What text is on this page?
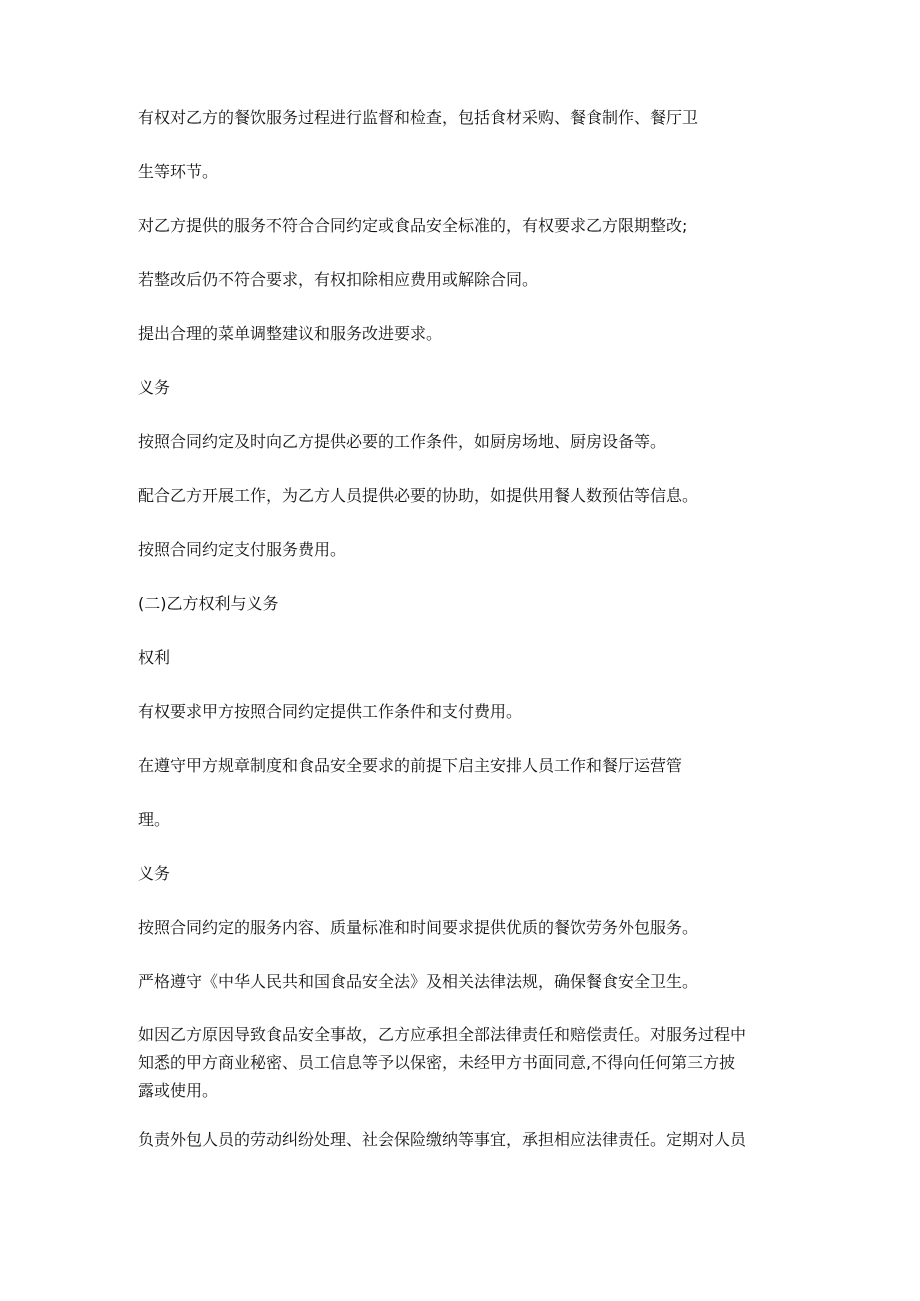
有权对乙方的餐饮服务过程进行监督和检查，包括食材采购、餐食制作、餐厅卫
生等环节。
对乙方提供的服务不符合合同约定或食品安全标准的，有权要求乙方限期整改;
若整改后仍不符合要求，有权扣除相应费用或解除合同。
提出合理的菜单调整建议和服务改进要求。
义务
按照合同约定及时向乙方提供必要的工作条件，如厨房场地、厨房设备等。
配合乙方开展工作，为乙方人员提供必要的协助，如提供用餐人数预估等信息。
按照合同约定支付服务费用。
(二)乙方权利与义务
权利
有权要求甲方按照合同约定提供工作条件和支付费用。
在遵守甲方规章制度和食品安全要求的前提下启主安排人员工作和餐厅运营管
理。
义务
按照合同约定的服务内容、质量标准和时间要求提供优质的餐饮劳务外包服务。
严格遵守《中华人民共和国食品安全法》及相关法律法规，确保餐食安全卫生。
如因乙方原因导致食品安全事故，乙方应承担全部法律责任和赔偿责任。对服务过程中
知悉的甲方商业秘密、员工信息等予以保密，未经甲方书面同意,不得向任何第三方披
露或使用。
负责外包人员的劳动纠纷处理、社会保险缴纳等事宜，承担相应法律责任。定期对人员
